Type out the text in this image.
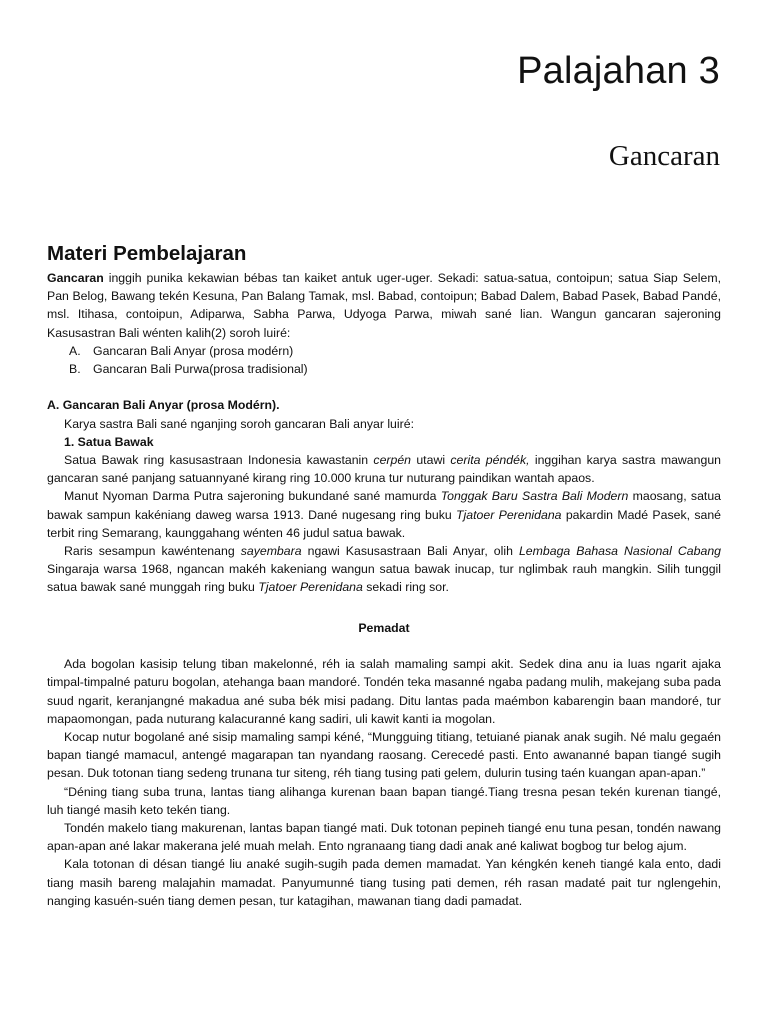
Palajahan 3
Gancaran
Materi Pembelajaran

Gancaran inggih punika kekawian bébas tan kaiket antuk uger-uger. Sekadi: satua-satua, contoipun; satua Siap Selem, Pan Belog, Bawang tekén Kesuna, Pan Balang Tamak, msl. Babad, contoipun; Babad Dalem, Babad Pasek, Babad Pandé, msl. Itihasa, contoipun, Adiparwa, Sabha Parwa, Udyoga Parwa, miwah sané lian. Wangun gancaran sajeroning Kasusastran Bali wénten kalih(2) soroh luiré:

A. Gancaran Bali Anyar (prosa modérn)
B. Gancaran Bali Purwa(prosa tradisional)

A. Gancaran Bali Anyar (prosa Modérn).

Karya sastra Bali sané nganjing soroh gancaran Bali anyar luiré:

1. Satua Bawak

Satua Bawak ring kasusastraan Indonesia kawastanin cerpén utawi cerita péndék, inggihan karya sastra mawangun gancaran sané panjang satuannyané kirang ring 10.000 kruna tur nuturang paindikan wantah apaos.

Manut Nyoman Darma Putra sajeroning bukundané sané mamurda Tonggak Baru Sastra Bali Modern maosang, satua bawak sampun kakéniang daweg warsa 1913. Dané nugesang ring buku Tjatoer Perenidana pakardin Madé Pasek, sané terbit ring Semarang, kaunggahang wénten 46 judul satua bawak.

Raris sesampun kawéntenang sayembara ngawi Kasusastraan Bali Anyar, olih Lembaga Bahasa Nasional Cabang Singaraja warsa 1968, ngancan makéh kakeniang wangun satua bawak inucap, tur nglimbak rauh mangkin. Silih tunggil satua bawak sané munggah ring buku Tjatoer Perenidana sekadi ring sor.

Pemadat

Ada bogolan kasisip telung tiban makelonné, réh ia salah mamaling sampi akit. Sedek dina anu ia luas ngarit ajaka timpal-timpalné paturu bogolan, atehanga baan mandoré. Tondén teka masanné ngaba padang mulih, makejang suba pada suud ngarit, keranjangné makadua ané suba bék misi padang. Ditu lantas pada maémbon kabarengin baan mandoré, tur mapaomongan, pada nuturang kalacuranné kang sadiri, uli kawit kanti ia mogolan.

Kocap nutur bogolané ané sisip mamaling sampi kéné, “Mungguing titiang, tetuiané pianak anak sugih. Né malu gegaén bapan tiangé mamacul, antengé magarapan tan nyandang raosang. Cerecedé pasti. Ento awananné bapan tiangé sugih pesan. Duk totonan tiang sedeng trunana tur siteng, réh tiang tusing pati gelem, dulurin tusing taén kuangan apan-apan.”

“Déning tiang suba truna, lantas tiang alihanga kurenan baan bapan tiangé.Tiang tresna pesan tekén kurenan tiangé, luh tiangé masih keto tekén tiang.

Tondén makelo tiang makurenan, lantas bapan tiangé mati. Duk totonan pepineh tiangé enu tuna pesan, tondén nawang apan-apan ané lakar makerana jelé muah melah. Ento ngranaang tiang dadi anak ané kaliwat bogbog tur belog ajum.

Kala totonan di désan tiangé liu anaké sugih-sugih pada demen mamadat. Yan kéngkén keneh tiangé kala ento, dadi tiang masih bareng malajahin mamadat. Panyumunné tiang tusing pati demen, réh rasan madaté pait tur nglengehin, nanging kasuén-suén tiang demen pesan, tur katagihan, mawanan tiang dadi pamadat.
